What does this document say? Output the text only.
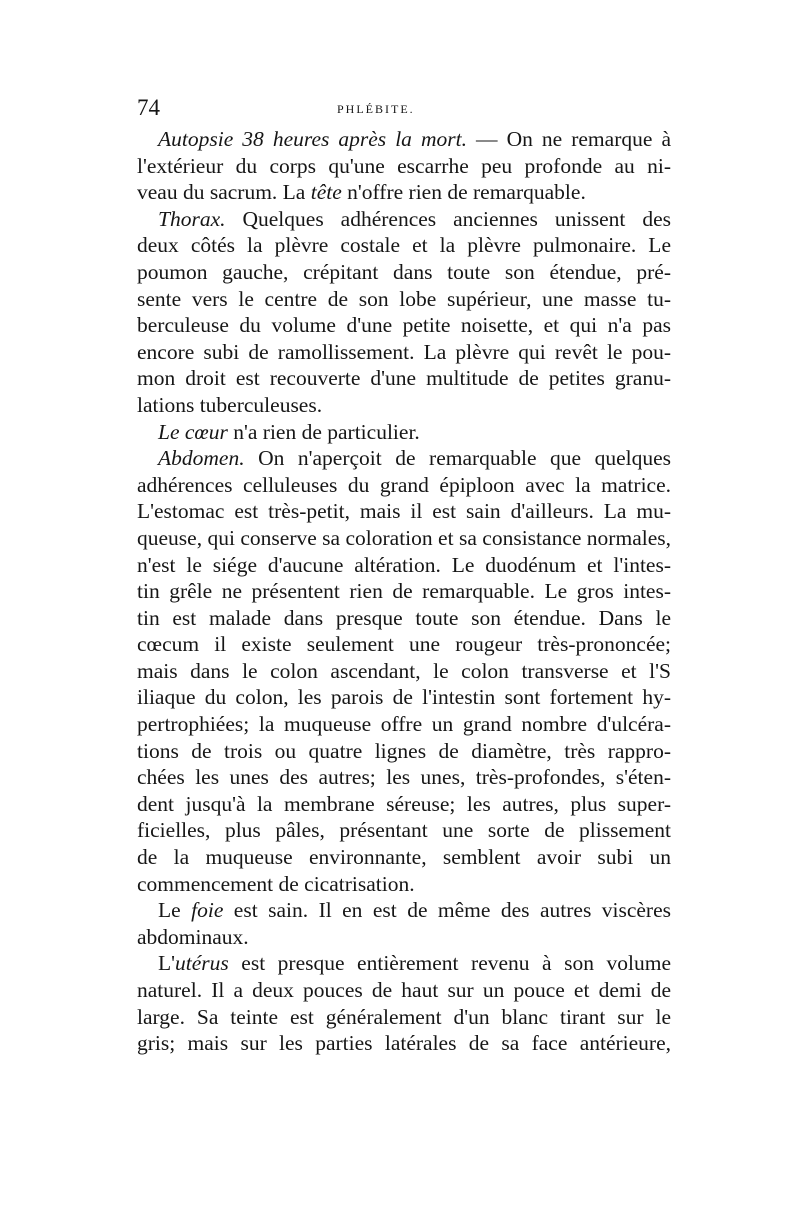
74	PHLÉBITE.
Autopsie 38 heures après la mort. — On ne remarque à
l'extérieur du corps qu'une escarrhe peu profonde au ni-
veau du sacrum. La tête n'offre rien de remarquable.
Thorax. Quelques adhérences anciennes unissent des
deux côtés la plèvre costale et la plèvre pulmonaire. Le
poumon gauche, crépitant dans toute son étendue, pré-
sente vers le centre de son lobe supérieur, une masse tu-
berculeuse du volume d'une petite noisette, et qui n'a pas
encore subi de ramollissement. La plèvre qui revêt le pou-
mon droit est recouverte d'une multitude de petites granu-
lations tuberculeuses.
Le cœur n'a rien de particulier.
Abdomen. On n'aperçoit de remarquable que quelques
adhérences celluleuses du grand épiploon avec la matrice.
L'estomac est très-petit, mais il est sain d'ailleurs. La mu-
queuse, qui conserve sa coloration et sa consistance normales,
n'est le siége d'aucune altération. Le duodénum et l'intes-
tin grêle ne présentent rien de remarquable. Le gros intes-
tin est malade dans presque toute son étendue. Dans le
cœcum il existe seulement une rougeur très-prononcée;
mais dans le colon ascendant, le colon transverse et l'S
iliaque du colon, les parois de l'intestin sont fortement hy-
pertrophiées; la muqueuse offre un grand nombre d'ulcéra-
tions de trois ou quatre lignes de diamètre, très rappro-
chées les unes des autres; les unes, très-profondes, s'éten-
dent jusqu'à la membrane séreuse; les autres, plus super-
ficielles, plus pâles, présentant une sorte de plissement
de la muqueuse environnante, semblent avoir subi un
commencement de cicatrisation.
Le foie est sain. Il en est de même des autres viscères
abdominaux.
L'utérus est presque entièrement revenu à son volume
naturel. Il a deux pouces de haut sur un pouce et demi de
large. Sa teinte est généralement d'un blanc tirant sur le
gris; mais sur les parties latérales de sa face antérieure,
